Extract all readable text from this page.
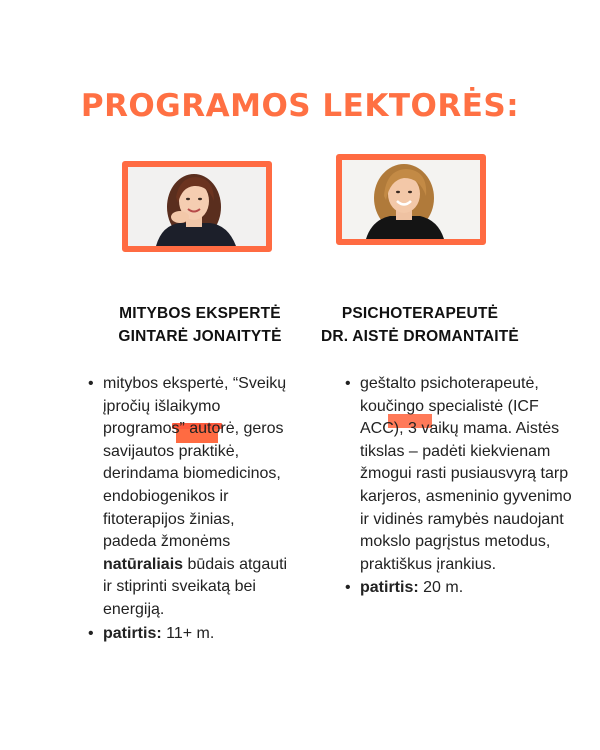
PROGRAMOS LEKTORĖS:
MITYBOS EKSPERTĖ
GINTARĖ JONAITYTĖ
PSICHOTERAPEUTĖ
DR. AISTĖ DROMANTAITĖ
• mitybos ekspertė, “Sveikų įpročių išlaikymo programos” autorė, geros savijautos praktikė, derindama biomedicinos, endobiogenikos ir fitoterapijos žinias, padeda žmonėms natūraliais būdais atgauti ir stiprinti sveikatą bei energiją.
• patirtis: 11+ m.
• geštalto psichoterapeutė, koučingo specialistė (ICF ACC), 3 vaikų mama. Aistės tikslas – padėti kiekvienam žmogui rasti pusiausvyrą tarp karjeros, asmeninio gyvenimo ir vidinės ramybės naudojant mokslo pagrįstus metodus, praktiškus įrankius.
• patirtis: 20 m.
